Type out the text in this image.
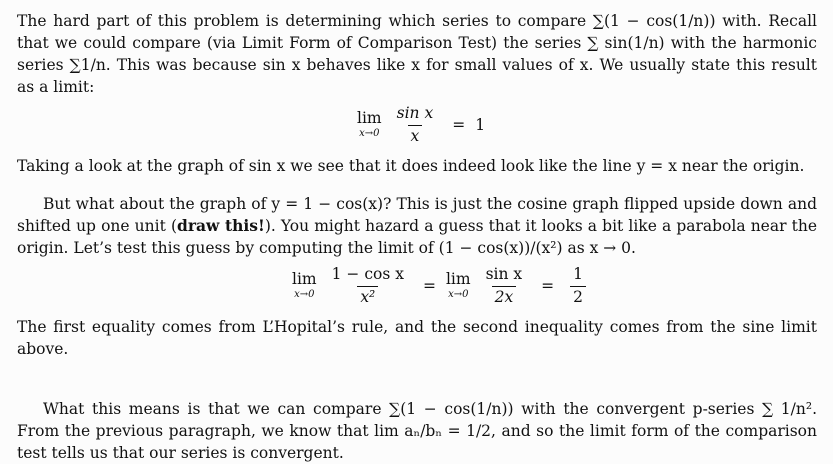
The hard part of this problem is determining which series to compare ∑(1 − cos(1/n)) with. Recall that we could compare (via Limit Form of Comparison Test) the series ∑ sin(1/n) with the harmonic series ∑1/n. This was because sin x behaves like x for small values of x. We usually state this result as a limit:

lim
$x\to 0 \frac{\text{sin x}}{x} = 1$

Taking a look at the graph of sin x we see that it does indeed look like the line y = x near the origin.

But what about the graph of y = 1 − cos(x)? This is just the cosine graph flipped upside down and shifted up one unit (draw this!). You might hazard a guess that it looks a bit like a parabola near the origin. Let’s test this guess by computing the limit of (1 − cos(x))/(x²) as x → 0.

lim
$x\to 0 \frac{\text{1 − cos x}}{\text{x²}} = \lim$
$x\to 0 \frac{\text{sin x}}{2x} = \frac{1}{2}$

The first equality comes from L’Hopital’s rule, and the second inequality comes from the sine limit above.

What this means is that we can compare ∑(1 − cos(1/n)) with the convergent p-series ∑ 1/n². From the previous paragraph, we know that lim aₙ/bₙ = 1/2, and so the limit form of the comparison test tells us that our series is convergent.
